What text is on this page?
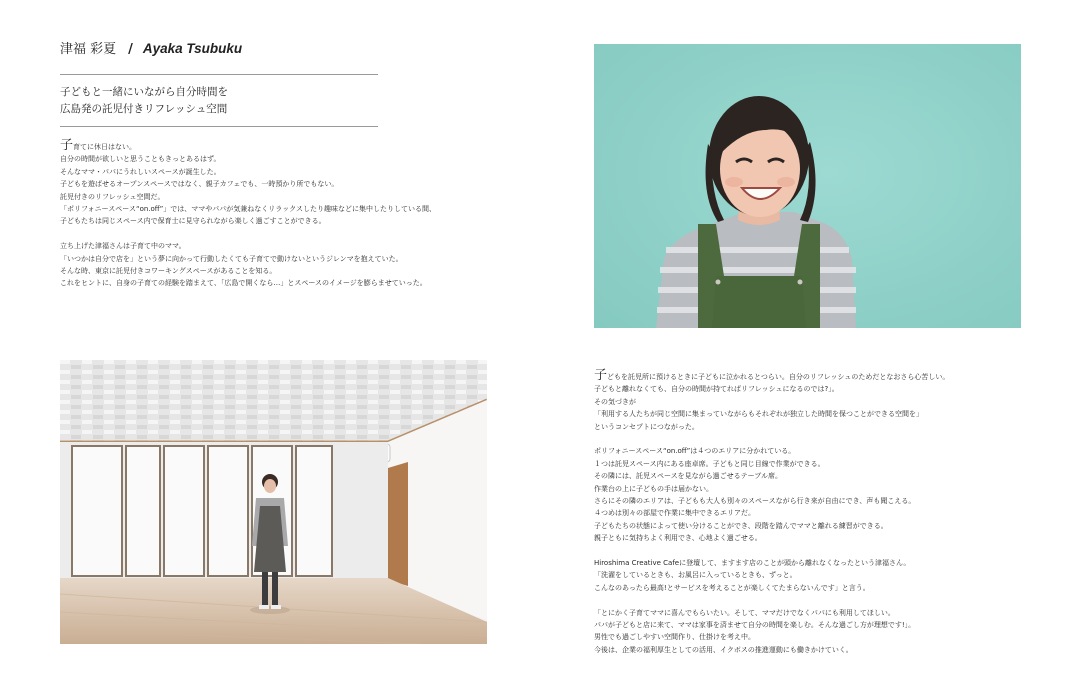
津福 彩夏 / Ayaka Tsubuku
子どもと一緒にいながら自分時間を
広島発の託児付きリフレッシュ空間
子育てに休日はない。
自分の時間が欲しいと思うこともきっとあるはず。
そんなママ・パパにうれしいスペースが誕生した。
子どもを遊ばせるオープンスペースではなく、親子カフェでも、一時預かり所でもない。
託児付きのリフレッシュ空間だ。
「ポリフォニースペース“on.off”」では、ママやパパが気兼ねなくリラックスしたり趣味などに集中したりしている間、
子どもたちは同じスペース内で保育士に見守られながら楽しく過ごすことができる。
立ち上げた津福さんは子育て中のママ。
「いつかは自分で店を」という夢に向かって行動したくても子育てで動けないというジレンマを抱えていた。
そんな時、東京に託児付きコワーキングスペースがあることを知る。
これをヒントに、自身の子育ての経験を踏まえて、「広島で開くなら…」とスペースのイメージを膨らませていった。
子どもを託児所に預けるときに子どもに泣かれるとつらい。自分のリフレッシュのためだとなおさら心苦しい。
子どもと離れなくても、自分の時間が持てればリフレッシュになるのでは?」。
その気づきが
「利用する人たちが同じ空間に集まっていながらもそれぞれが独立した時間を保つことができる空間を」
というコンセプトにつながった。
ポリフォニースペース“on.off”は４つのエリアに分かれている。
１つは託児スペース内にある座卓席。子どもと同じ目線で作業ができる。
その隣には、託児スペースを見ながら過ごせるテーブル席。
作業台の上に子どもの手は届かない。
さらにその隣のエリアは、子どもも大人も別々のスペースながら行き来が自由にでき、声も聞こえる。
４つめは別々の部屋で作業に集中できるエリアだ。
子どもたちの状態によって使い分けることができ、段階を踏んでママと離れる練習ができる。
親子ともに気持ちよく利用でき、心地よく過ごせる。
Hiroshima Creative Cafeに登壇して、ますます店のことが頭から離れなくなったという津福さん。
「洗濯をしているときも、お風呂に入っているときも、ずっと。
こんなのあったら最高!とサービスを考えることが楽しくてたまらないんです」と言う。
「とにかく子育てママに喜んでもらいたい。そして、ママだけでなくパパにも利用してほしい。
パパが子どもと店に来て、ママは家事を済ませて自分の時間を楽しむ。そんな過ごし方が理想です!」。
男性でも過ごしやすい空間作り、仕掛けを考え中。
今後は、企業の福利厚生としての活用、イクボスの推進運動にも働きかけていく。
